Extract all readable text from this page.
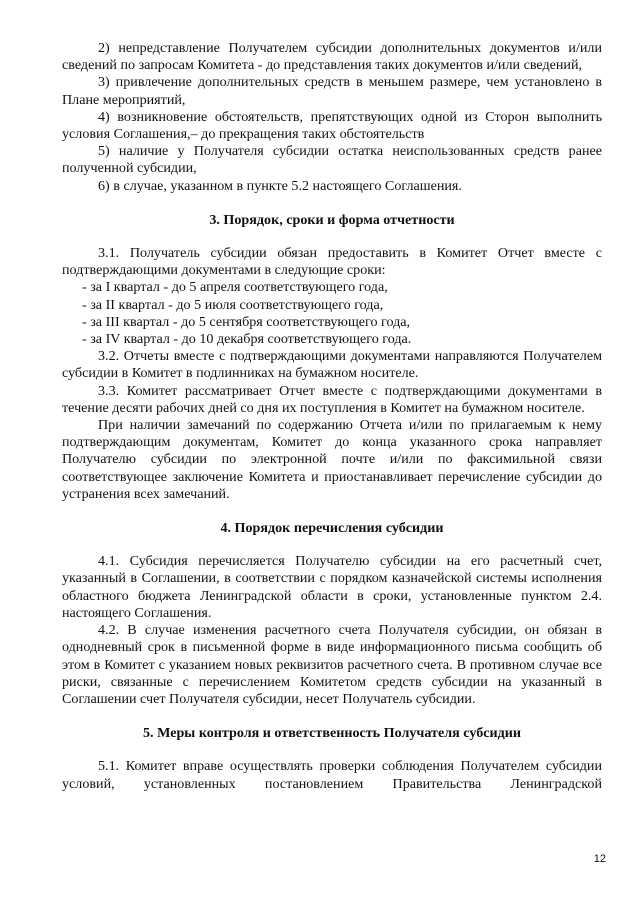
2) непредставление Получателем субсидии дополнительных документов и/или сведений по запросам Комитета - до представления таких документов и/или сведений,

3) привлечение дополнительных средств в меньшем размере, чем установлено в Плане мероприятий,

4) возникновение обстоятельств, препятствующих одной из Сторон выполнить условия Соглашения,– до прекращения таких обстоятельств

5) наличие у Получателя субсидии остатка неиспользованных средств ранее полученной субсидии,

6) в случае, указанном в пункте 5.2 настоящего Соглашения.

3. Порядок, сроки и форма отчетности

3.1. Получатель субсидии обязан предоставить в Комитет Отчет вместе с подтверждающими документами в следующие сроки:

- за I квартал - до 5 апреля соответствующего года,

- за II квартал - до 5 июля соответствующего года,

- за III квартал - до 5 сентября соответствующего года,

- за IV квартал - до 10 декабря соответствующего года.

3.2. Отчеты вместе с подтверждающими документами направляются Получателем субсидии в Комитет в подлинниках на бумажном носителе.

3.3. Комитет рассматривает Отчет вместе с подтверждающими документами в течение десяти рабочих дней со дня их поступления в Комитет на бумажном носителе.

При наличии замечаний по содержанию Отчета и/или по прилагаемым к нему подтверждающим документам, Комитет до конца указанного срока направляет Получателю субсидии по электронной почте и/или по факсимильной связи соответствующее заключение Комитета и приостанавливает перечисление субсидии до устранения всех замечаний.

4. Порядок перечисления субсидии

4.1. Субсидия перечисляется Получателю субсидии на его расчетный счет, указанный в Соглашении, в соответствии с порядком казначейской системы исполнения областного бюджета Ленинградской области в сроки, установленные пунктом 2.4. настоящего Соглашения.

4.2. В случае изменения расчетного счета Получателя субсидии, он обязан в однодневный срок в письменной форме в виде информационного письма сообщить об этом в Комитет с указанием новых реквизитов расчетного счета. В противном случае все риски, связанные с перечислением Комитетом средств субсидии на указанный в Соглашении счет Получателя субсидии, несет Получатель субсидии.

5. Меры контроля и ответственность Получателя субсидии

5.1. Комитет вправе осуществлять проверки соблюдения Получателем субсидии условий, установленных постановлением Правительства Ленинградской

12
